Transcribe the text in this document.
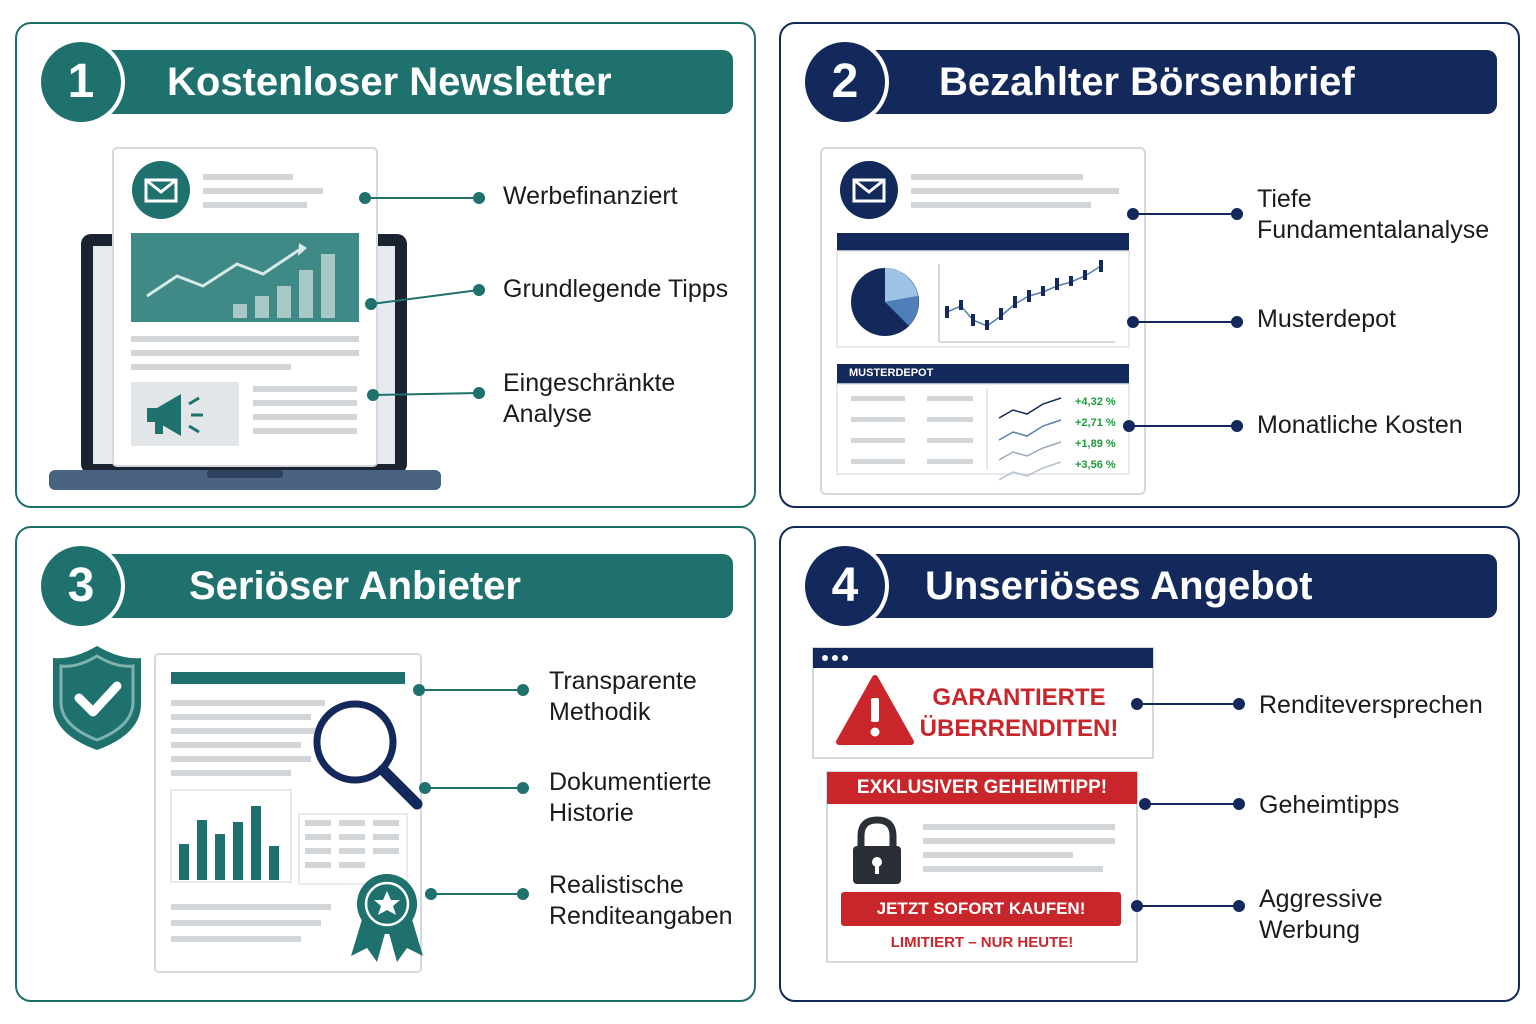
Kostenloser Newsletter
1
Werbefinanziert
Grundlegende Tipps
Eingeschränkte
Analyse
MUSTERDEPOT
+4,32 %
+2,71 %
+1,89 %
+3,56 %
Bezahlter Börsenbrief
2
Tiefe
Fundamentalanalyse
Musterdepot
Monatliche Kosten
Seriöser Anbieter
3
Transparente
Methodik
Dokumentierte
Historie
Realistische
Renditeangaben
GARANTIERTE
ÜBERRENDITEN!
EXKLUSIVER GEHEIMTIPP!
JETZT SOFORT KAUFEN!
LIMITIERT – NUR HEUTE!
Unseriöses Angebot
4
Renditeversprechen
Geheimtipps
Aggressive
Werbung
